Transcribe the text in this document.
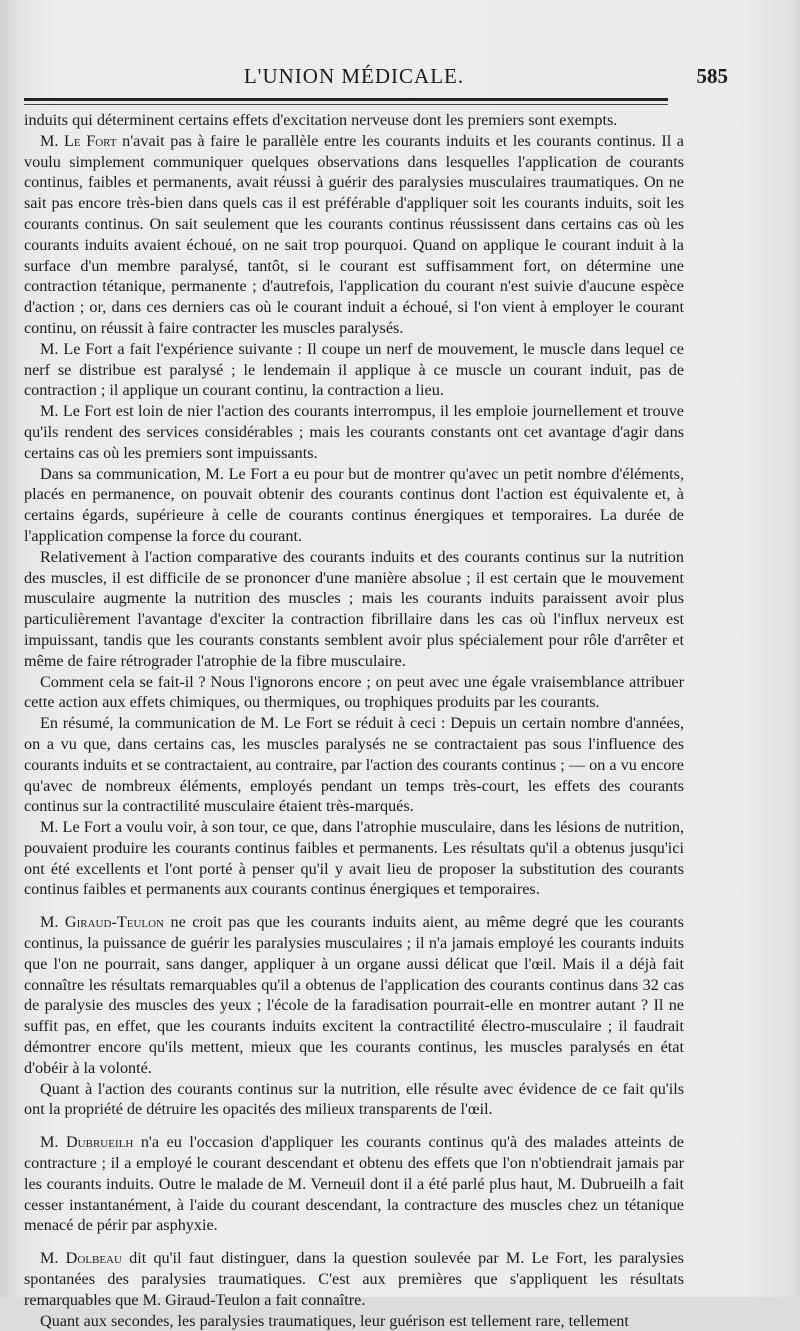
L'UNION MÉDICALE.	585

induits qui déterminent certains effets d'excitation nerveuse dont les premiers sont exempts.

M. Le Fort n'avait pas à faire le parallèle entre les courants induits et les courants continus. Il a voulu simplement communiquer quelques observations dans lesquelles l'application de courants continus, faibles et permanents, avait réussi à guérir des paralysies musculaires traumatiques. On ne sait pas encore très-bien dans quels cas il est préférable d'appliquer soit les courants induits, soit les courants continus. On sait seulement que les courants continus réussissent dans certains cas où les courants induits avaient échoué, on ne sait trop pourquoi. Quand on applique le courant induit à la surface d'un membre paralysé, tantôt, si le courant est suffisamment fort, on détermine une contraction tétanique, permanente ; d'autrefois, l'application du courant n'est suivie d'aucune espèce d'action ; or, dans ces derniers cas où le courant induit a échoué, si l'on vient à employer le courant continu, on réussit à faire contracter les muscles paralysés.

M. Le Fort a fait l'expérience suivante : Il coupe un nerf de mouvement, le muscle dans lequel ce nerf se distribue est paralysé ; le lendemain il applique à ce muscle un courant induit, pas de contraction ; il applique un courant continu, la contraction a lieu.

M. Le Fort est loin de nier l'action des courants interrompus, il les emploie journellement et trouve qu'ils rendent des services considérables ; mais les courants constants ont cet avantage d'agir dans certains cas où les premiers sont impuissants.

Dans sa communication, M. Le Fort a eu pour but de montrer qu'avec un petit nombre d'éléments, placés en permanence, on pouvait obtenir des courants continus dont l'action est équivalente et, à certains égards, supérieure à celle de courants continus énergiques et temporaires. La durée de l'application compense la force du courant.

Relativement à l'action comparative des courants induits et des courants continus sur la nutrition des muscles, il est difficile de se prononcer d'une manière absolue ; il est certain que le mouvement musculaire augmente la nutrition des muscles ; mais les courants induits paraissent avoir plus particulièrement l'avantage d'exciter la contraction fibrillaire dans les cas où l'influx nerveux est impuissant, tandis que les courants constants semblent avoir plus spécialement pour rôle d'arrêter et même de faire rétrograder l'atrophie de la fibre musculaire.

Comment cela se fait-il ? Nous l'ignorons encore ; on peut avec une égale vraisemblance attribuer cette action aux effets chimiques, ou thermiques, ou trophiques produits par les courants.

En résumé, la communication de M. Le Fort se réduit à ceci : Depuis un certain nombre d'années, on a vu que, dans certains cas, les muscles paralysés ne se contractaient pas sous l'influence des courants induits et se contractaient, au contraire, par l'action des courants continus ; — on a vu encore qu'avec de nombreux éléments, employés pendant un temps très-court, les effets des courants continus sur la contractilité musculaire étaient très-marqués.

M. Le Fort a voulu voir, à son tour, ce que, dans l'atrophie musculaire, dans les lésions de nutrition, pouvaient produire les courants continus faibles et permanents. Les résultats qu'il a obtenus jusqu'ici ont été excellents et l'ont porté à penser qu'il y avait lieu de proposer la substitution des courants continus faibles et permanents aux courants continus énergiques et temporaires.

M. Giraud-Teulon ne croit pas que les courants induits aient, au même degré que les courants continus, la puissance de guérir les paralysies musculaires ; il n'a jamais employé les courants induits que l'on ne pourrait, sans danger, appliquer à un organe aussi délicat que l'œil. Mais il a déjà fait connaître les résultats remarquables qu'il a obtenus de l'application des courants continus dans 32 cas de paralysie des muscles des yeux ; l'école de la faradisation pourrait-elle en montrer autant ? Il ne suffit pas, en effet, que les courants induits excitent la contractilité électro-musculaire ; il faudrait démontrer encore qu'ils mettent, mieux que les courants continus, les muscles paralysés en état d'obéir à la volonté.

Quant à l'action des courants continus sur la nutrition, elle résulte avec évidence de ce fait qu'ils ont la propriété de détruire les opacités des milieux transparents de l'œil.

M. Dubrueilh n'a eu l'occasion d'appliquer les courants continus qu'à des malades atteints de contracture ; il a employé le courant descendant et obtenu des effets que l'on n'obtiendrait jamais par les courants induits. Outre le malade de M. Verneuil dont il a été parlé plus haut, M. Dubrueilh a fait cesser instantanément, à l'aide du courant descendant, la contracture des muscles chez un tétanique menacé de périr par asphyxie.

M. Dolbeau dit qu'il faut distinguer, dans la question soulevée par M. Le Fort, les paralysies spontanées des paralysies traumatiques. C'est aux premières que s'appliquent les résultats remarquables que M. Giraud-Teulon a fait connaître.

Quant aux secondes, les paralysies traumatiques, leur guérison est tellement rare, tellement
